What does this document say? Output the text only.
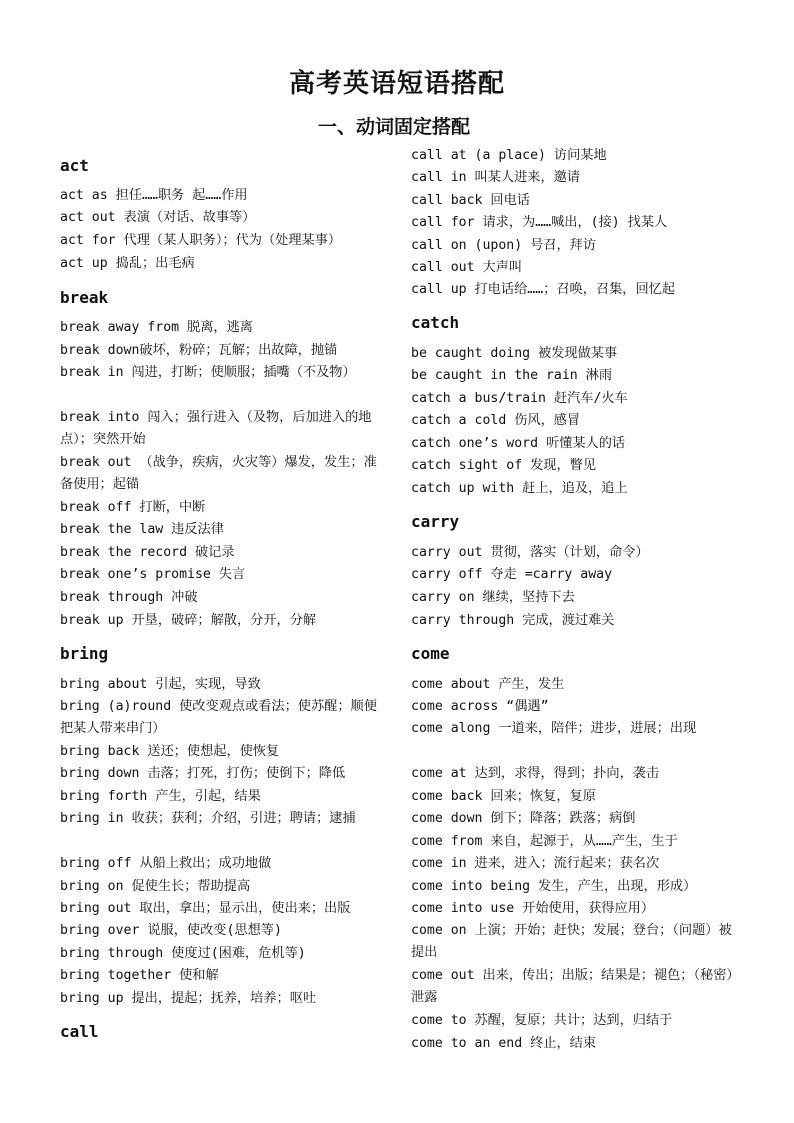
高考英语短语搭配
一、动词固定搭配
act
act as 担任……职务 起……作用
act out 表演（对话、故事等）
act for 代理（某人职务）；代为（处理某事）
act up 捣乱；出毛病
break
break away from 脱离，逃离
break down破坏，粉碎；瓦解；出故障，抛锚
break in 闯进，打断；使顺服；插嘴（不及物）
break into 闯入；强行进入（及物，后加进入的地点）；突然开始
break out （战争，疾病，火灾等）爆发，发生；准备使用；起锚
break off 打断，中断
break the law 违反法律
break the record 破记录
break one’s promise 失言
break through 冲破
break up 开垦，破碎；解散，分开，分解
bring
bring about 引起，实现，导致
bring (a)round 使改变观点或看法；使苏醒；顺便把某人带来串门）
bring back 送还；使想起，使恢复
bring down 击落；打死，打伤；使倒下；降低
bring forth 产生，引起，结果
bring in 收获；获利；介绍，引进；聘请；逮捕
bring off 从船上救出；成功地做
bring on 促使生长；帮助提高
bring out 取出，拿出；显示出，使出来；出版
bring over 说服，使改变(思想等)
bring through 使度过(困难，危机等)
bring together 使和解
bring up 提出，提起；抚养，培养；呕吐
call
call at (a place) 访问某地
call in 叫某人进来，邀请
call back 回电话
call for 请求，为……喊出，(接) 找某人
call on (upon) 号召，拜访
call out 大声叫
call up 打电话给……；召唤，召集，回忆起
catch
be caught doing 被发现做某事
be caught in the rain 淋雨
catch a bus/train 赶汽车/火车
catch a cold 伤风，感冒
catch one’s word 听懂某人的话
catch sight of 发现，瞥见
catch up with 赶上，追及，追上
carry
carry out 贯彻，落实（计划，命令）
carry off 夺走 =carry away
carry on 继续，坚持下去
carry through 完成，渡过难关
come
come about 产生，发生
come across “偶遇”
come along 一道来，陪伴；进步，进展；出现
come at 达到，求得，得到；扑向，袭击
come back 回来；恢复，复原
come down 倒下；降落；跌落；病倒
come from 来自，起源于，从……产生，生于
come in 进来，进入；流行起来；获名次
come into being 发生，产生，出现，形成）
come into use 开始使用，获得应用）
come on 上演；开始；赶快；发展；登台；（问题）被提出
come out 出来，传出；出版；结果是；褪色；（秘密）泄露
come to 苏醒，复原；共计；达到，归结于
come to an end 终止，结束
